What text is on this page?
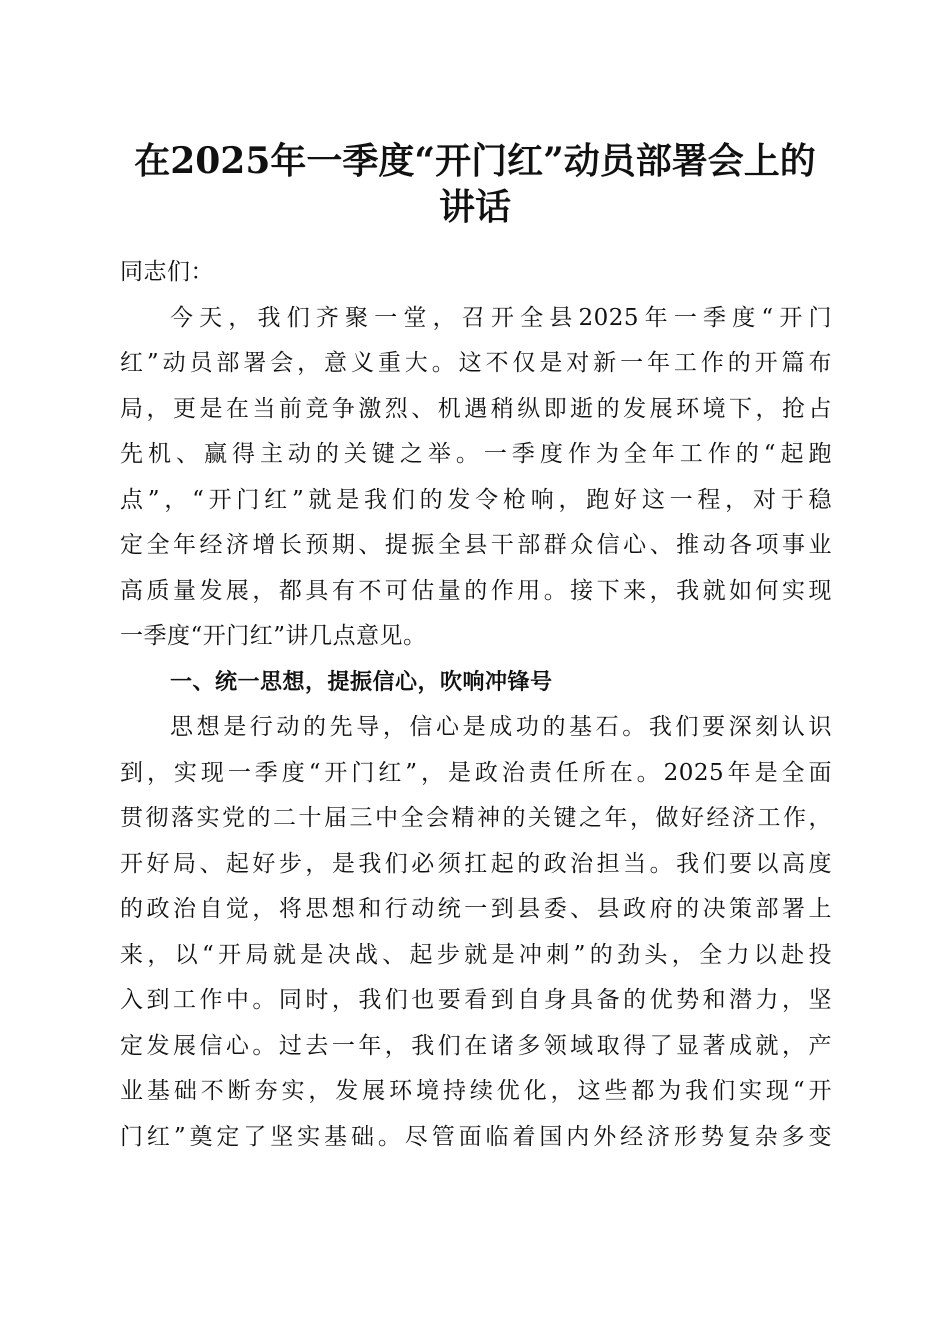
在2025年一季度“开门红”动员部署会上的
讲话
同志们：
今天，我们齐聚一堂，召开全县2025年一季度“开门
红”动员部署会，意义重大。这不仅是对新一年工作的开篇布
局，更是在当前竞争激烈、机遇稍纵即逝的发展环境下，抢占
先机、赢得主动的关键之举。一季度作为全年工作的“起跑
点”，“开门红”就是我们的发令枪响，跑好这一程，对于稳
定全年经济增长预期、提振全县干部群众信心、推动各项事业
高质量发展，都具有不可估量的作用。接下来，我就如何实现
一季度“开门红”讲几点意见。
一、统一思想，提振信心，吹响冲锋号
思想是行动的先导，信心是成功的基石。我们要深刻认识
到，实现一季度“开门红”，是政治责任所在。2025年是全面
贯彻落实党的二十届三中全会精神的关键之年，做好经济工作，
开好局、起好步，是我们必须扛起的政治担当。我们要以高度
的政治自觉，将思想和行动统一到县委、县政府的决策部署上
来，以“开局就是决战、起步就是冲刺”的劲头，全力以赴投
入到工作中。同时，我们也要看到自身具备的优势和潜力，坚
定发展信心。过去一年，我们在诸多领域取得了显著成就，产
业基础不断夯实，发展环境持续优化，这些都为我们实现“开
门红”奠定了坚实基础。尽管面临着国内外经济形势复杂多变
